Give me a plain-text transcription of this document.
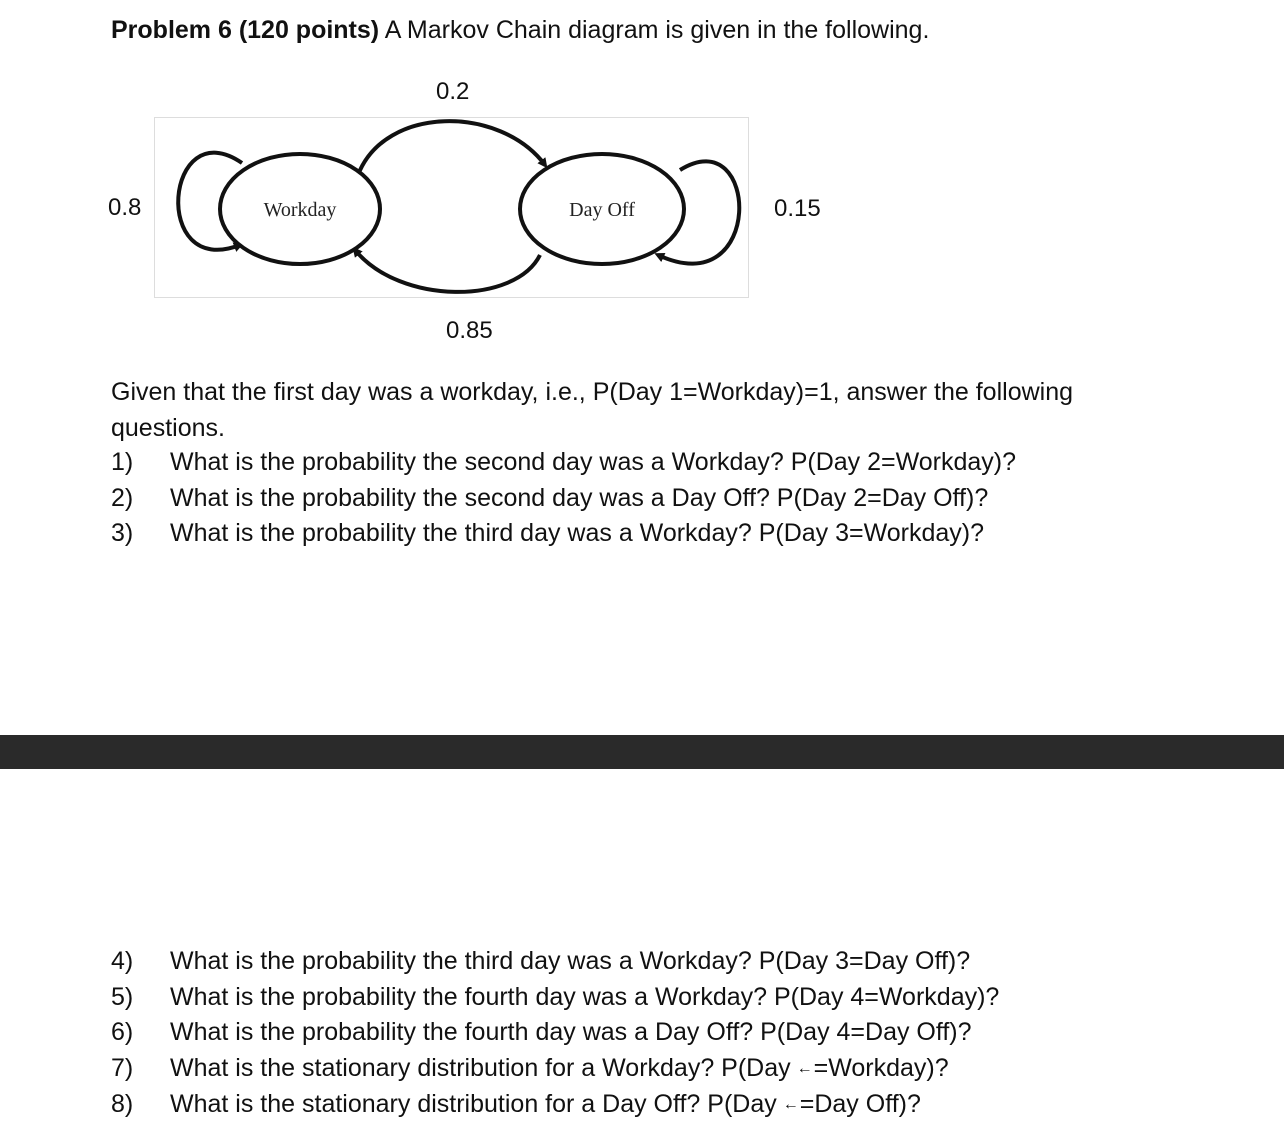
Problem 6 (120 points) A Markov Chain diagram is given in the following.
0.2
0.8	0.15
0.85
Workday	Day Off
Given that the first day was a workday, i.e., P(Day 1=Workday)=1, answer the following questions.
1)	What is the probability the second day was a Workday? P(Day 2=Workday)?
2)	What is the probability the second day was a Day Off? P(Day 2=Day Off)?
3)	What is the probability the third day was a Workday? P(Day 3=Workday)?
4)	What is the probability the third day was a Workday? P(Day 3=Day Off)?
5)	What is the probability the fourth day was a Workday? P(Day 4=Workday)?
6)	What is the probability the fourth day was a Day Off? P(Day 4=Day Off)?
7)	What is the stationary distribution for a Workday? P(Day ←=Workday)?
8)	What is the stationary distribution for a Day Off? P(Day ←=Day Off)?
